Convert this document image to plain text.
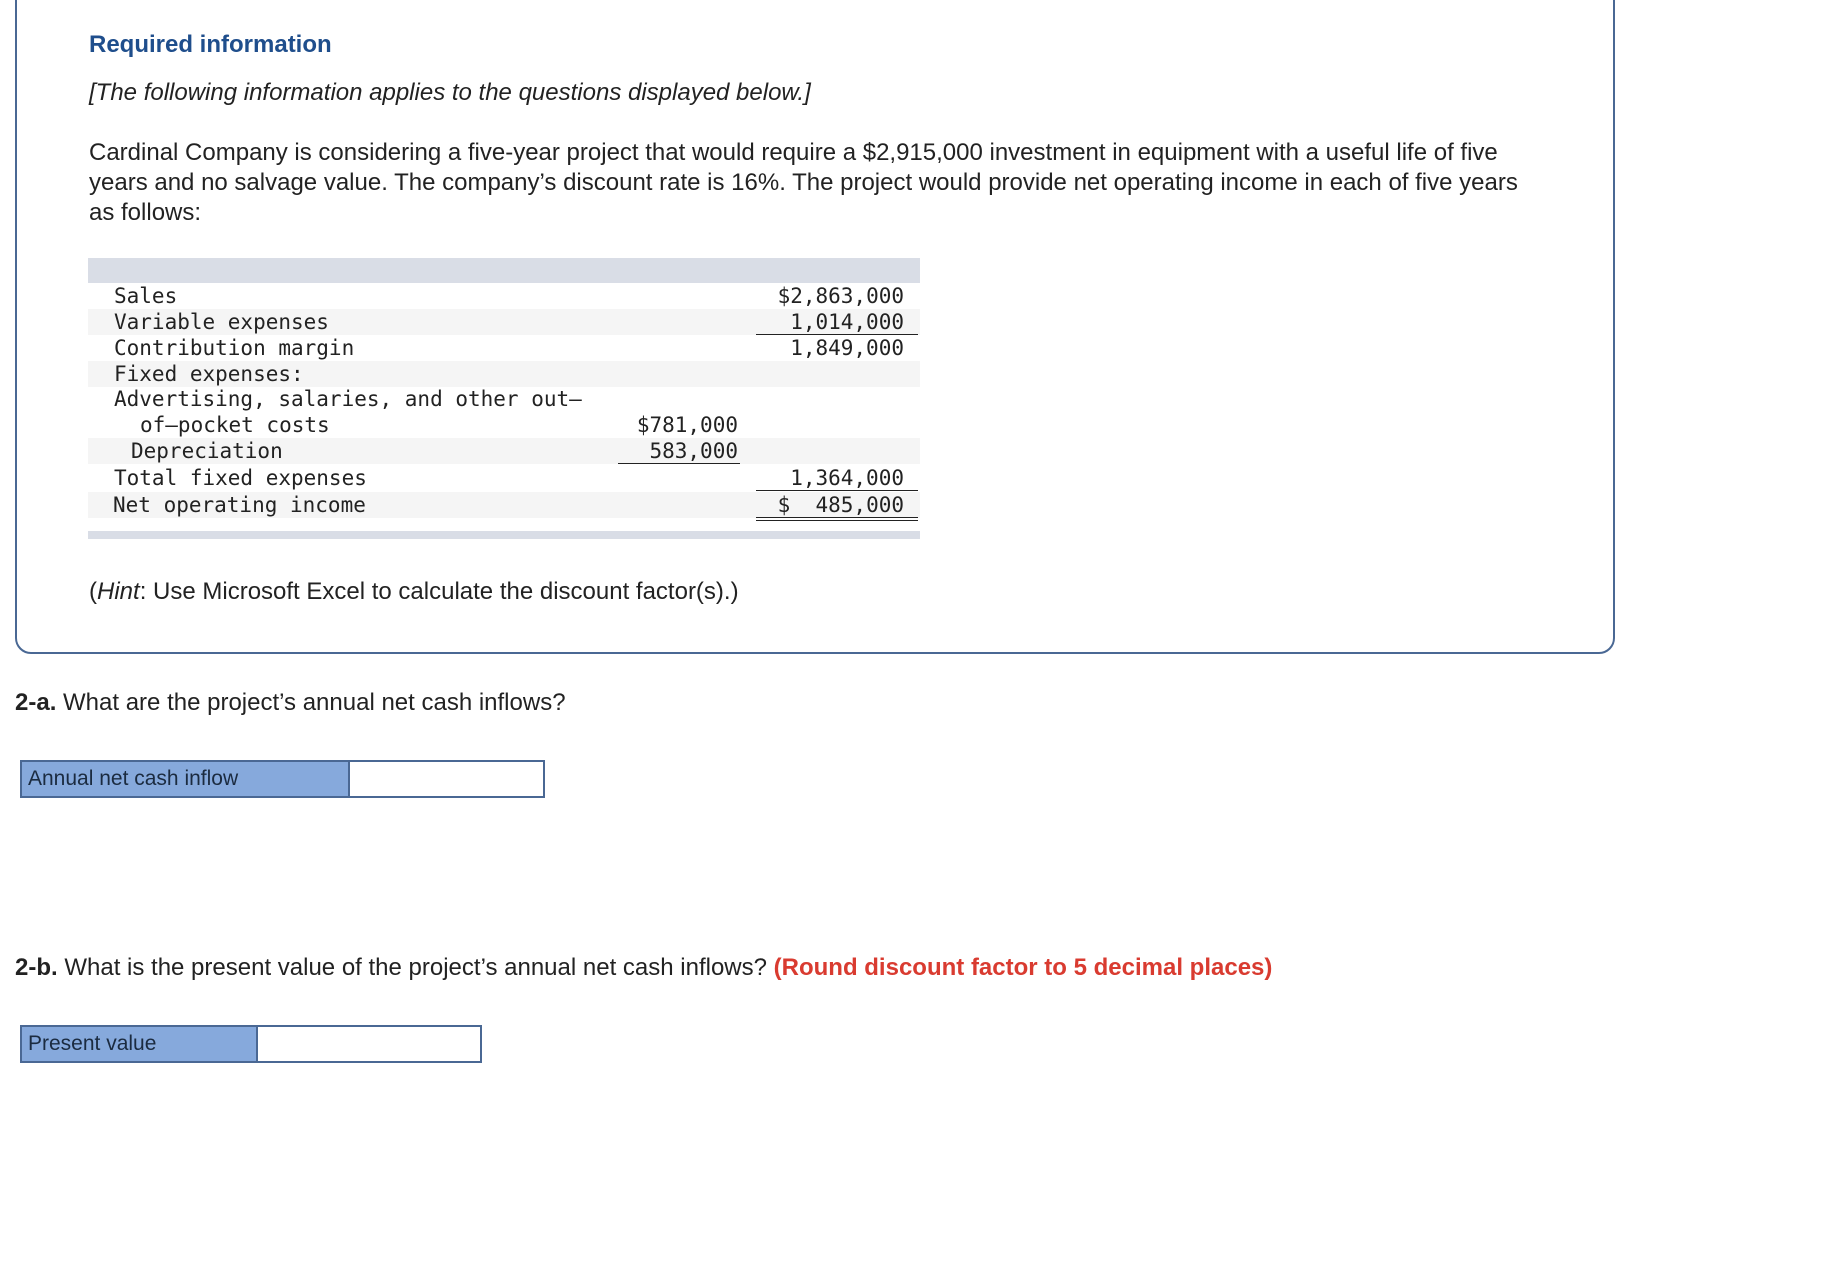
Required information

[The following information applies to the questions displayed below.]

Cardinal Company is considering a five-year project that would require a $2,915,000 investment in equipment with a useful life of five years and no salvage value. The company’s discount rate is 16%. The project would provide net operating income in each of five years as follows:

Sales	$2,863,000
Variable expenses	1,014,000
Contribution margin	1,849,000
Fixed expenses:
Advertising, salaries, and other out–
of–pocket costs	$781,000
Depreciation	583,000
Total fixed expenses	1,364,000
Net operating income	$  485,000

(Hint: Use Microsoft Excel to calculate the discount factor(s).)

2-a. What are the project’s annual net cash inflows?

Annual net cash inflow

2-b. What is the present value of the project’s annual net cash inflows? (Round discount factor to 5 decimal places)

Present value
